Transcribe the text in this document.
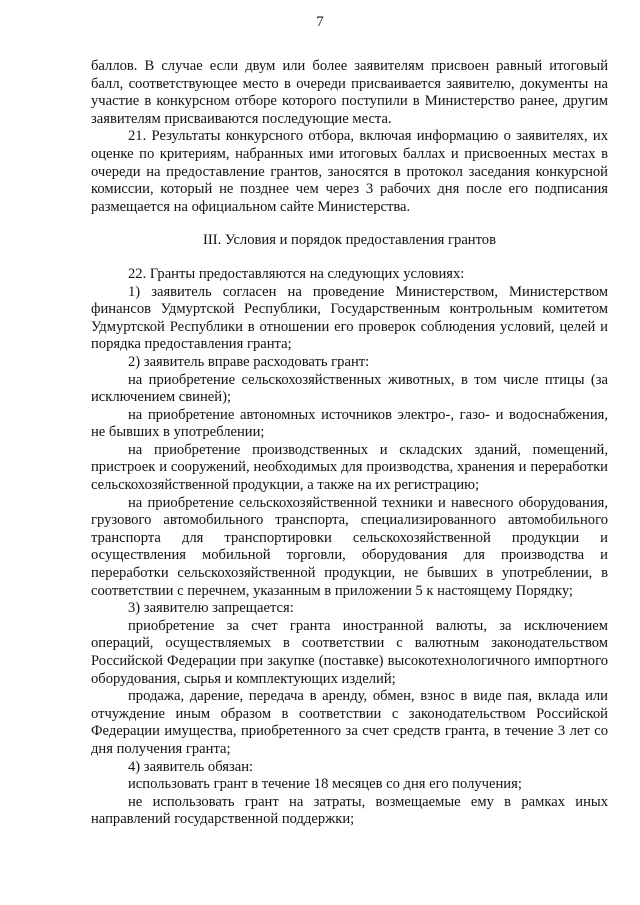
7

баллов. В случае если двум или более заявителям присвоен равный итоговый балл, соответствующее место в очереди присваивается заявителю, документы на участие в конкурсном отборе которого поступили в Министерство ранее, другим заявителям присваиваются последующие места.

21. Результаты конкурсного отбора, включая информацию о заявителях, их оценке по критериям, набранных ими итоговых баллах и присвоенных местах в очереди на предоставление грантов, заносятся в протокол заседания конкурсной комиссии, который не позднее чем через 3 рабочих дня после его подписания размещается на официальном сайте Министерства.

III. Условия и порядок предоставления грантов

22. Гранты предоставляются на следующих условиях:

1) заявитель согласен на проведение Министерством, Министерством финансов Удмуртской Республики, Государственным контрольным комитетом Удмуртской Республики в отношении его проверок соблюдения условий, целей и порядка предоставления гранта;

2) заявитель вправе расходовать грант:

на приобретение сельскохозяйственных животных, в том числе птицы (за исключением свиней);

на приобретение автономных источников электро-, газо- и водоснабжения, не бывших в употреблении;

на приобретение производственных и складских зданий, помещений, пристроек и сооружений, необходимых для производства, хранения и переработки сельскохозяйственной продукции, а также на их регистрацию;

на приобретение сельскохозяйственной техники и навесного оборудования, грузового автомобильного транспорта, специализированного автомобильного транспорта для транспортировки сельскохозяйственной продукции и осуществления мобильной торговли, оборудования для производства и переработки сельскохозяйственной продукции, не бывших в употреблении, в соответствии с перечнем, указанным в приложении 5 к настоящему Порядку;

3) заявителю запрещается:

приобретение за счет гранта иностранной валюты, за исключением операций, осуществляемых в соответствии с валютным законодательством Российской Федерации при закупке (поставке) высокотехнологичного импортного оборудования, сырья и комплектующих изделий;

продажа, дарение, передача в аренду, обмен, взнос в виде пая, вклада или отчуждение иным образом в соответствии с законодательством Российской Федерации имущества, приобретенного за счет средств гранта, в течение 3 лет со дня получения гранта;

4) заявитель обязан:

использовать грант в течение 18 месяцев со дня его получения;

не использовать грант на затраты, возмещаемые ему в рамках иных направлений государственной поддержки;
